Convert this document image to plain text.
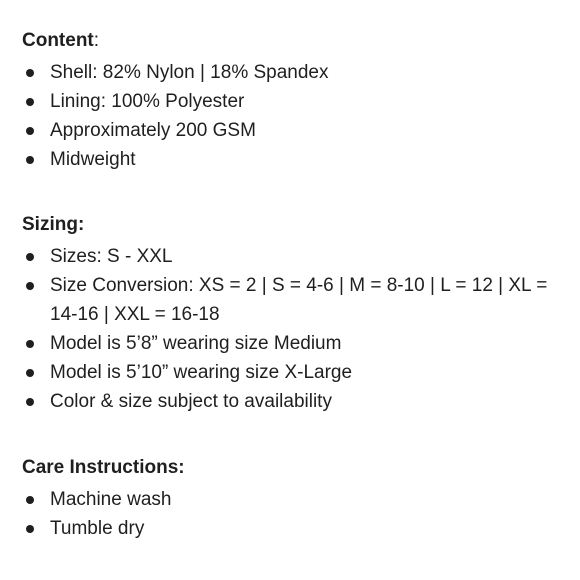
Content:
Shell: 82% Nylon | 18% Spandex
Lining: 100% Polyester
Approximately 200 GSM
Midweight
Sizing:
Sizes: S - XXL
Size Conversion: XS = 2 | S = 4-6 | M = 8-10 | L = 12 | XL = 14-16 | XXL = 16-18
Model is 5’8” wearing size Medium
Model is 5’10” wearing size X-Large
Color & size subject to availability
Care Instructions:
Machine wash
Tumble dry
